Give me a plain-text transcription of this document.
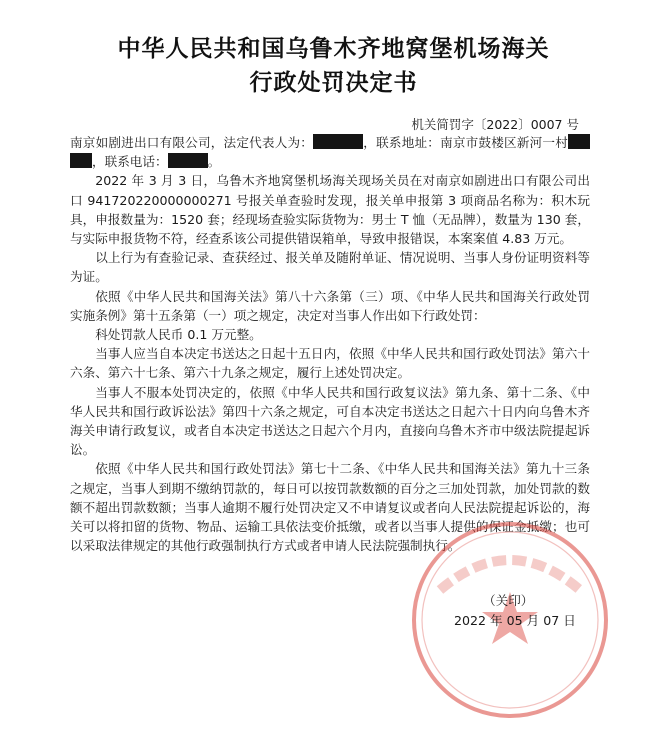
中华人民共和国乌鲁木齐地窝堡机场海关
行政处罚决定书
机关简罚字〔2022〕0007 号

南京如剧进出口有限公司，法定代表人为：	，联系地址：南京市鼓楼区新河一村，联系电话：	。

2022 年 3 月 3 日，乌鲁木齐地窝堡机场海关现场关员在对南京如剧进出口有限公司出口 941720220000000271 号报关单查验时发现，报关单申报第 3 项商品名称为：积木玩具，申报数量为：1520 套；经现场查验实际货物为：男士 T 恤（无品牌），数量为 130 套，与实际申报货物不符，经查系该公司提供错误箱单，导致申报错误，本案案值 4.83 万元。

以上行为有查验记录、查获经过、报关单及随附单证、情况说明、当事人身份证明资料等为证。

依照《中华人民共和国海关法》第八十六条第（三）项、《中华人民共和国海关行政处罚实施条例》第十五条第（一）项之规定，决定对当事人作出如下行政处罚：

科处罚款人民币 0.1 万元整。

当事人应当自本决定书送达之日起十五日内，依照《中华人民共和国行政处罚法》第六十六条、第六十七条、第六十九条之规定，履行上述处罚决定。

当事人不服本处罚决定的，依照《中华人民共和国行政复议法》第九条、第十二条、《中华人民共和国行政诉讼法》第四十六条之规定，可自本决定书送达之日起六十日内向乌鲁木齐海关申请行政复议，或者自本决定书送达之日起六个月内，直接向乌鲁木齐市中级法院提起诉讼。

依照《中华人民共和国行政处罚法》第七十二条、《中华人民共和国海关法》第九十三条之规定，当事人到期不缴纳罚款的，每日可以按罚款数额的百分之三加处罚款，加处罚款的数额不超出罚款数额；当事人逾期不履行处罚决定又不申请复议或者向人民法院提起诉讼的，海关可以将扣留的货物、物品、运输工具依法变价抵缴，或者以当事人提供的保证金抵缴；也可以采取法律规定的其他行政强制执行方式或者申请人民法院强制执行。

（关印）
2022 年 05 月 07 日
